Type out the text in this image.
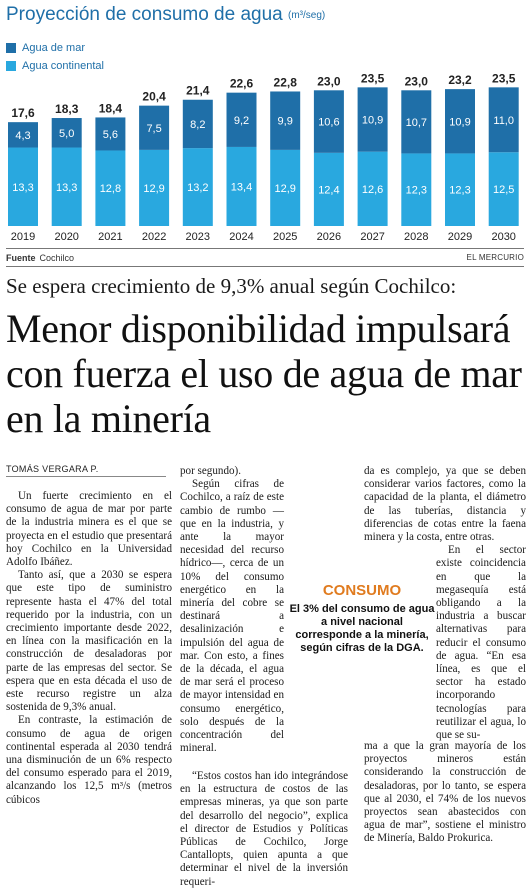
Proyección de consumo de agua (m³/seg)
Agua de mar
Agua continental
13,3
4,3
17,6
2019
13,3
5,0
18,3
2020
12,8
5,6
18,4
2021
12,9
7,5
20,4
2022
13,2
8,2
21,4
2023
13,4
9,2
22,6
2024
12,9
9,9
22,8
2025
12,4
10,6
23,0
2026
12,6
10,9
23,5
2027
12,3
10,7
23,0
2028
12,3
10,9
23,2
2029
12,5
11,0
23,5
2030
Fuente Cochilco	EL MERCURIO
Se espera crecimiento de 9,3% anual según Cochilco:
Menor disponibilidad impulsará con fuerza el uso de agua de mar en la minería
TOMÁS VERGARA P.

Un fuerte crecimiento en el consumo de agua de mar por parte de la industria minera es el que se proyecta en el estudio que presentará hoy Cochilco en la Universidad Adolfo Ibáñez.

Tanto así, que a 2030 se espera que este tipo de suministro represente hasta el 47% del total requerido por la industria, con un crecimiento importante desde 2022, en línea con la masificación en la construcción de desaladoras por parte de las empresas del sector. Se espera que en esta década el uso de este recurso registre un alza sostenida de 9,3% anual.

En contraste, la estimación de consumo de agua de origen continental esperada al 2030 tendrá una disminución de un 6% respecto del consumo esperado para el 2019, alcanzando los 12,5 m³/s (metros cúbicos

por segundo).

Según cifras de Cochilco, a raíz de este cambio de rumbo —que en la industria, y ante la mayor necesidad del recurso hídrico—, cerca de un 10% del consumo energético en la minería del cobre se destinará a desalinización e impulsión del agua de mar. Con esto, a fines de la década, el agua de mar será el proceso de mayor intensidad en consumo energético, solo después de la concentración del mineral.

“Estos costos han ido integrándose en la estructura de costos de las empresas mineras, ya que son parte del desarrollo del negocio”, explica el director de Estudios y Políticas Públicas de Cochilco, Jorge Cantallopts, quien apunta a que determinar el nivel de la inversión requeri-

da es complejo, ya que se deben considerar varios factores, como la capacidad de la planta, el diámetro de las tuberías, distancia y diferencias de cotas entre la faena minera y la costa, entre otras.

En el sector existe coincidencia en que la megasequía está obligando a la industria a buscar alternativas para reducir el consumo de agua. “En esa línea, es que el sector ha estado incorporando tecnologías para reutilizar el agua, lo que se su-

ma a que la gran mayoría de los proyectos mineros están considerando la construcción de desaladoras, por lo tanto, se espera que al 2030, el 74% de los nuevos proyectos sean abastecidos con agua de mar”, sostiene el ministro de Minería, Baldo Prokurica.

CONSUMO
El 3% del consumo de agua a nivel nacional corresponde a la minería, según cifras de la DGA.
